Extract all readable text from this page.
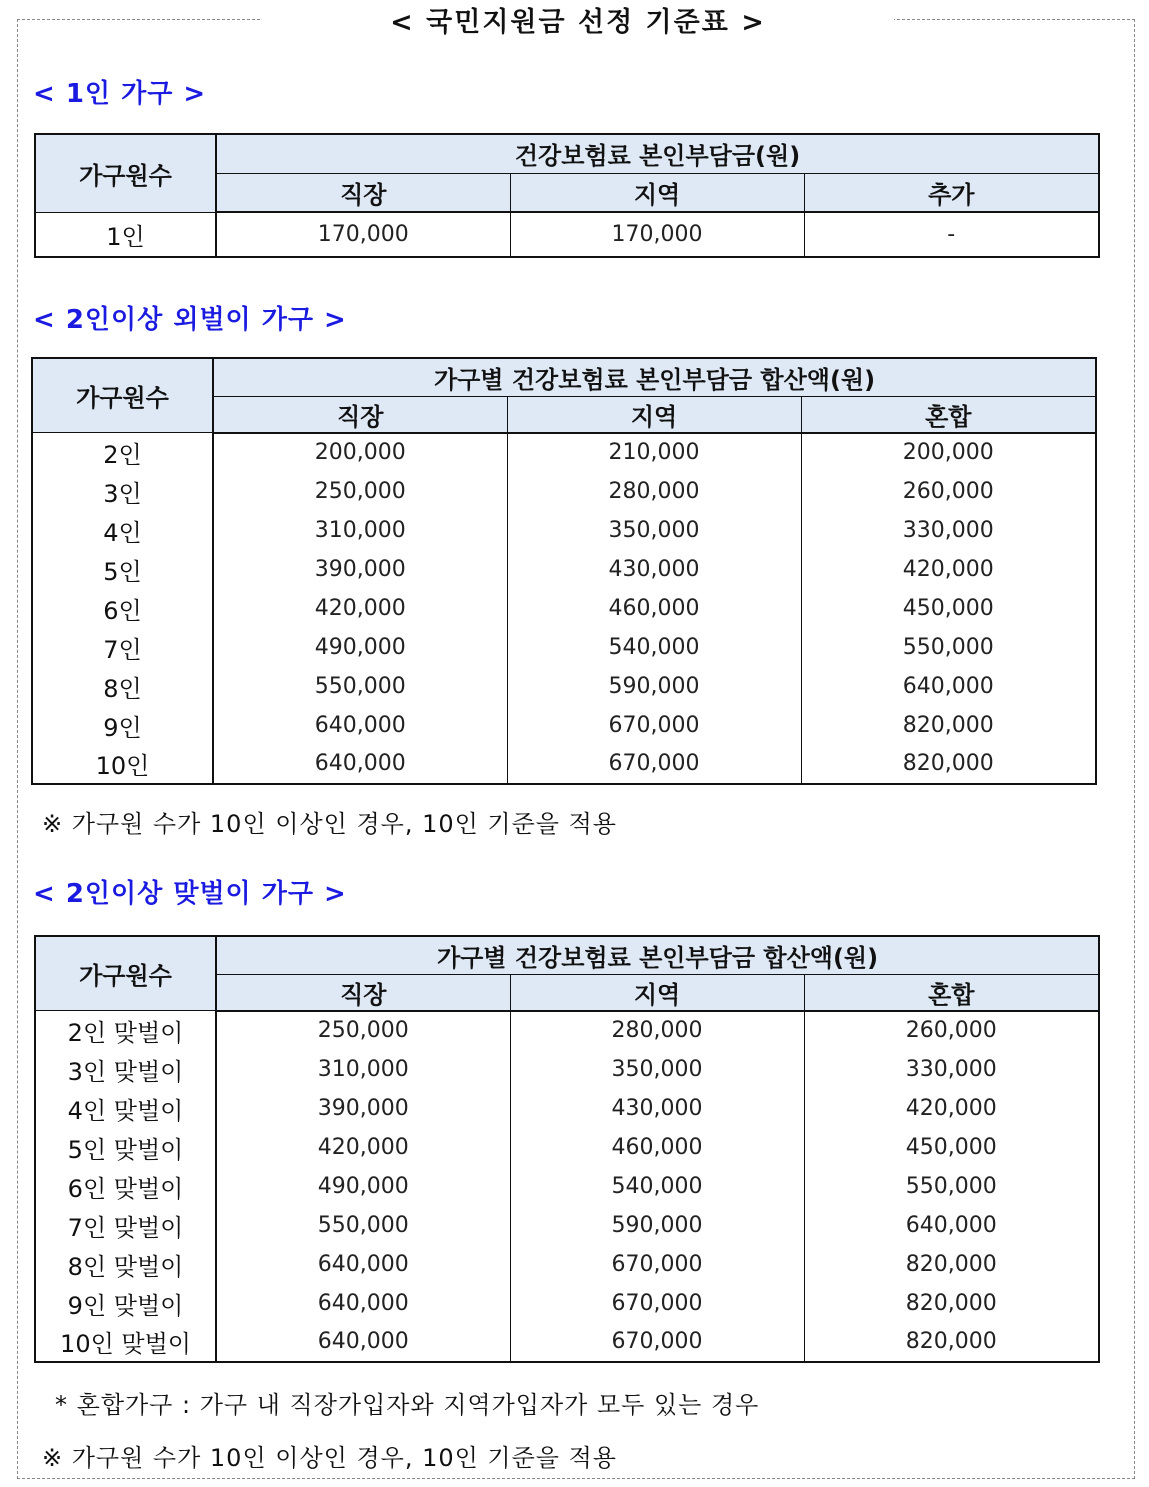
< 국민지원금 선정 기준표 >
< 1인 가구 >
가구원수	건강보험료 본인부담금(원)		
	직장	지역	추가
1인	170,000	170,000	-
< 2인이상 외벌이 가구 >
가구원수	가구별 건강보험료 본인부담금 합산액(원)		
	직장	지역	혼합
2인	200,000	210,000	200,000
3인	250,000	280,000	260,000
4인	310,000	350,000	330,000
5인	390,000	430,000	420,000
6인	420,000	460,000	450,000
7인	490,000	540,000	550,000
8인	550,000	590,000	640,000
9인	640,000	670,000	820,000
10인	640,000	670,000	820,000
※ 가구원 수가 10인 이상인 경우, 10인 기준을 적용
< 2인이상 맞벌이 가구 >
가구원수	가구별 건강보험료 본인부담금 합산액(원)		
	직장	지역	혼합
2인 맞벌이	250,000	280,000	260,000
3인 맞벌이	310,000	350,000	330,000
4인 맞벌이	390,000	430,000	420,000
5인 맞벌이	420,000	460,000	450,000
6인 맞벌이	490,000	540,000	550,000
7인 맞벌이	550,000	590,000	640,000
8인 맞벌이	640,000	670,000	820,000
9인 맞벌이	640,000	670,000	820,000
10인 맞벌이	640,000	670,000	820,000
* 혼합가구 : 가구 내 직장가입자와 지역가입자가 모두 있는 경우
※ 가구원 수가 10인 이상인 경우, 10인 기준을 적용
